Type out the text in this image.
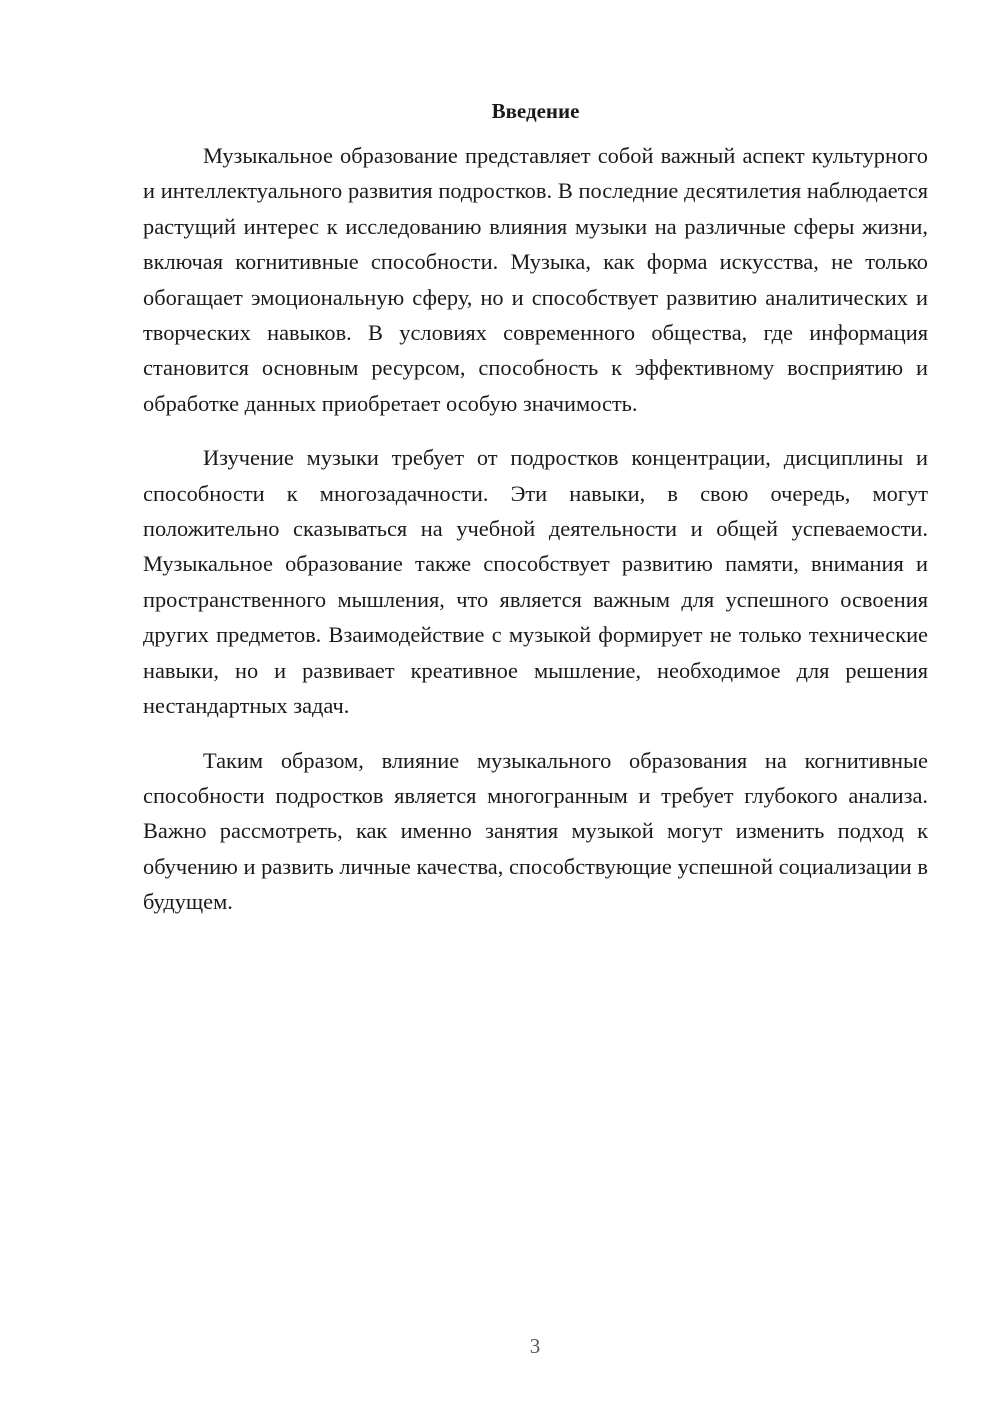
Введение

Музыкальное образование представляет собой важный аспект культурного и интеллектуального развития подростков. В последние десятилетия наблюдается растущий интерес к исследованию влияния музыки на различные сферы жизни, включая когнитивные способности. Музыка, как форма искусства, не только обогащает эмоциональную сферу, но и способствует развитию аналитических и творческих навыков. В условиях современного общества, где информация становится основным ресурсом, способность к эффективному восприятию и обработке данных приобретает особую значимость.

Изучение музыки требует от подростков концентрации, дисциплины и способности к многозадачности. Эти навыки, в свою очередь, могут положительно сказываться на учебной деятельности и общей успеваемости. Музыкальное образование также способствует развитию памяти, внимания и пространственного мышления, что является важным для успешного освоения других предметов. Взаимодействие с музыкой формирует не только технические навыки, но и развивает креативное мышление, необходимое для решения нестандартных задач.

Таким образом, влияние музыкального образования на когнитивные способности подростков является многогранным и требует глубокого анализа. Важно рассмотреть, как именно занятия музыкой могут изменить подход к обучению и развить личные качества, способствующие успешной социализации в будущем.

3
